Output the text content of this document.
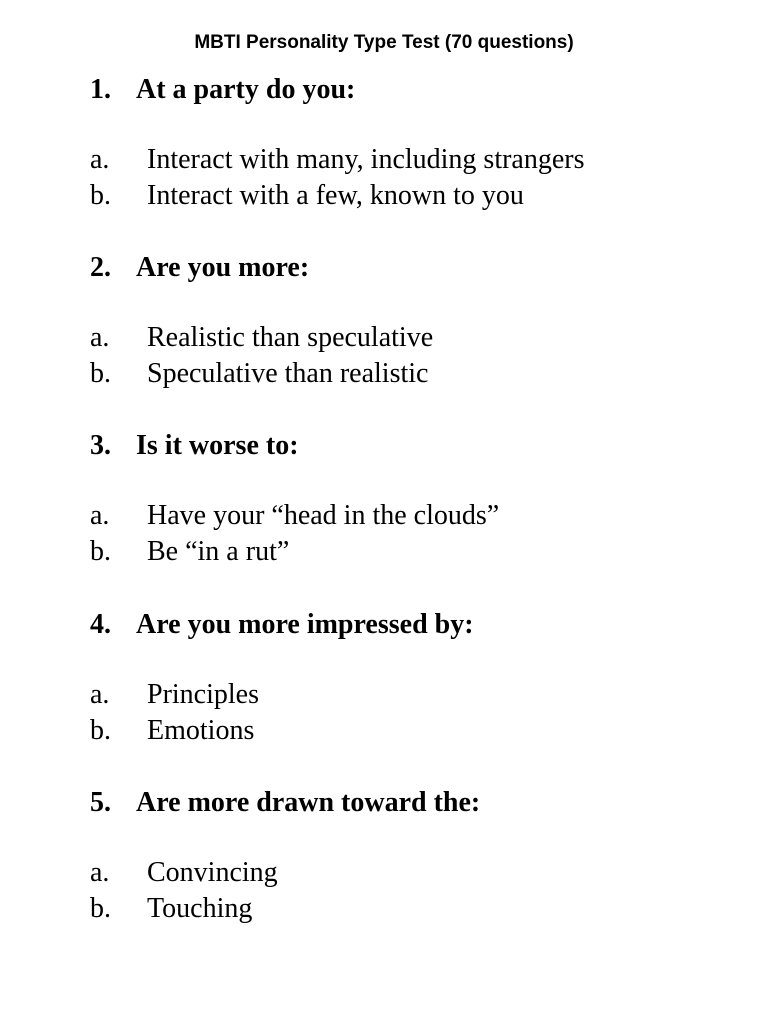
MBTI Personality Type Test (70 questions)
1. At a party do you:
a. Interact with many, including strangers
b. Interact with a few, known to you
2. Are you more:
a. Realistic than speculative
b. Speculative than realistic
3. Is it worse to:
a. Have your “head in the clouds”
b. Be “in a rut”
4. Are you more impressed by:
a. Principles
b. Emotions
5. Are more drawn toward the:
a. Convincing
b. Touching
